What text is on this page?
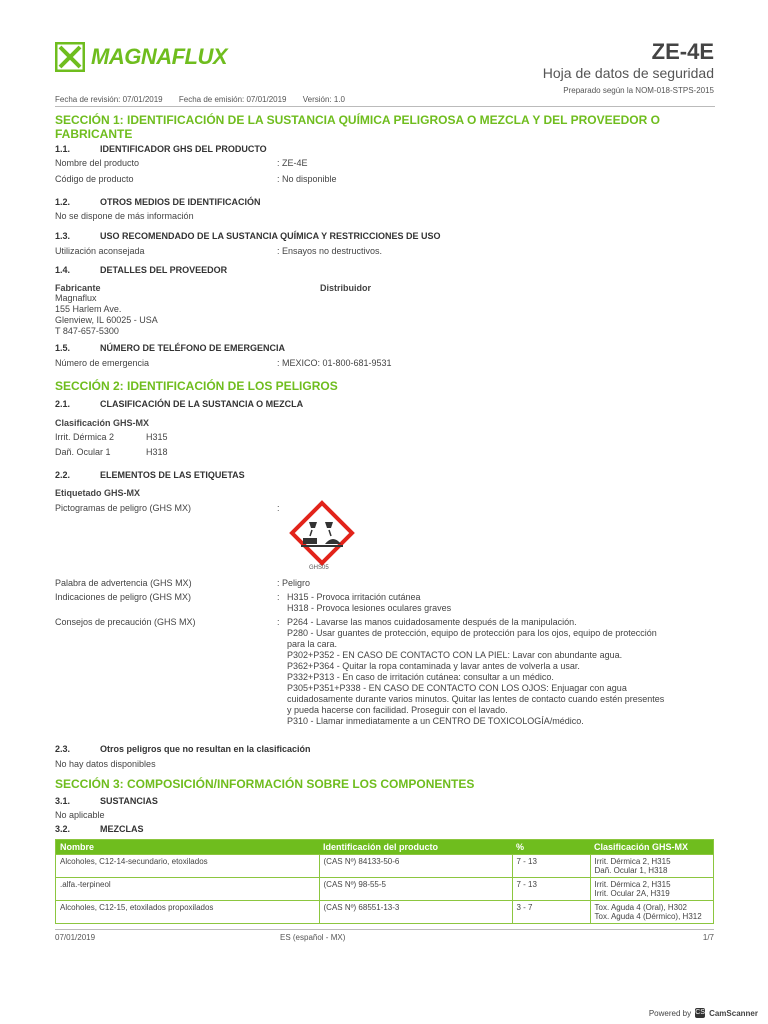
MAGNAFLUX	ZE-4E
Hoja de datos de seguridad
Preparado según la NOM-018-STPS-2015
Fecha de revisión: 07/01/2019 Fecha de emisión: 07/01/2019 Versión: 1.0
SECCIÓN 1: IDENTIFICACIÓN DE LA SUSTANCIA QUÍMICA PELIGROSA O MEZCLA Y DEL PROVEEDOR O FABRICANTE
1.1.	IDENTIFICADOR GHS DEL PRODUCTO
Nombre del producto	: ZE-4E
Código de producto	: No disponible
1.2.	OTROS MEDIOS DE IDENTIFICACIÓN
No se dispone de más información
1.3.	USO RECOMENDADO DE LA SUSTANCIA QUÍMICA Y RESTRICCIONES DE USO
Utilización aconsejada	: Ensayos no destructivos.
1.4.	DETALLES DEL PROVEEDOR
Fabricante	Distribuidor
Magnaflux
155 Harlem Ave.
Glenview, IL 60025 - USA
T 847-657-5300
1.5.	NÚMERO DE TELÉFONO DE EMERGENCIA
Número de emergencia	: MEXICO: 01-800-681-9531
SECCIÓN 2: IDENTIFICACIÓN DE LOS PELIGROS
2.1.	CLASIFICACIÓN DE LA SUSTANCIA O MEZCLA
Clasificación GHS-MX
Irrit. Dérmica 2	H315
Dañ. Ocular 1	H318
2.2.	ELEMENTOS DE LAS ETIQUETAS
Etiquetado GHS-MX
Pictogramas de peligro (GHS MX)	:
GHS05
Palabra de advertencia (GHS MX)	: Peligro
Indicaciones de peligro (GHS MX)	: H315 - Provoca irritación cutánea
H318 - Provoca lesiones oculares graves
Consejos de precaución (GHS MX)	: P264 - Lavarse las manos cuidadosamente después de la manipulación.
P280 - Usar guantes de protección, equipo de protección para los ojos, equipo de protección
para la cara.
P302+P352 - EN CASO DE CONTACTO CON LA PIEL: Lavar con abundante agua.
P362+P364 - Quitar la ropa contaminada y lavar antes de volverla a usar.
P332+P313 - En caso de irritación cutánea: consultar a un médico.
P305+P351+P338 - EN CASO DE CONTACTO CON LOS OJOS: Enjuagar con agua
cuidadosamente durante varios minutos. Quitar las lentes de contacto cuando estén presentes
y pueda hacerse con facilidad. Proseguir con el lavado.
P310 - Llamar inmediatamente a un CENTRO DE TOXICOLOGÍA/médico.
2.3.	Otros peligros que no resultan en la clasificación
No hay datos disponibles
SECCIÓN 3: COMPOSICIÓN/INFORMACIÓN SOBRE LOS COMPONENTES
3.1.	SUSTANCIAS
No aplicable
3.2.	MEZCLAS
Nombre	Identificación del producto	%	Clasificación GHS-MX
Alcoholes, C12-14-secundario, etoxilados	(CAS Nº) 84133-50-6	7 - 13	Irrit. Dérmica 2, H315
Dañ. Ocular 1, H318

.alfa.-terpineol	(CAS Nº) 98-55-5	7 - 13	Irrit. Dérmica 2, H315
Irrit. Ocular 2A, H319

Alcoholes, C12-15, etoxilados propoxilados	(CAS Nº) 68551-13-3	3 - 7	Tox. Aguda 4 (Oral), H302
Tox. Aguda 4 (Dérmico), H312
07/01/2019	ES (español - MX)	1/7
Powered by CS CamScanner
